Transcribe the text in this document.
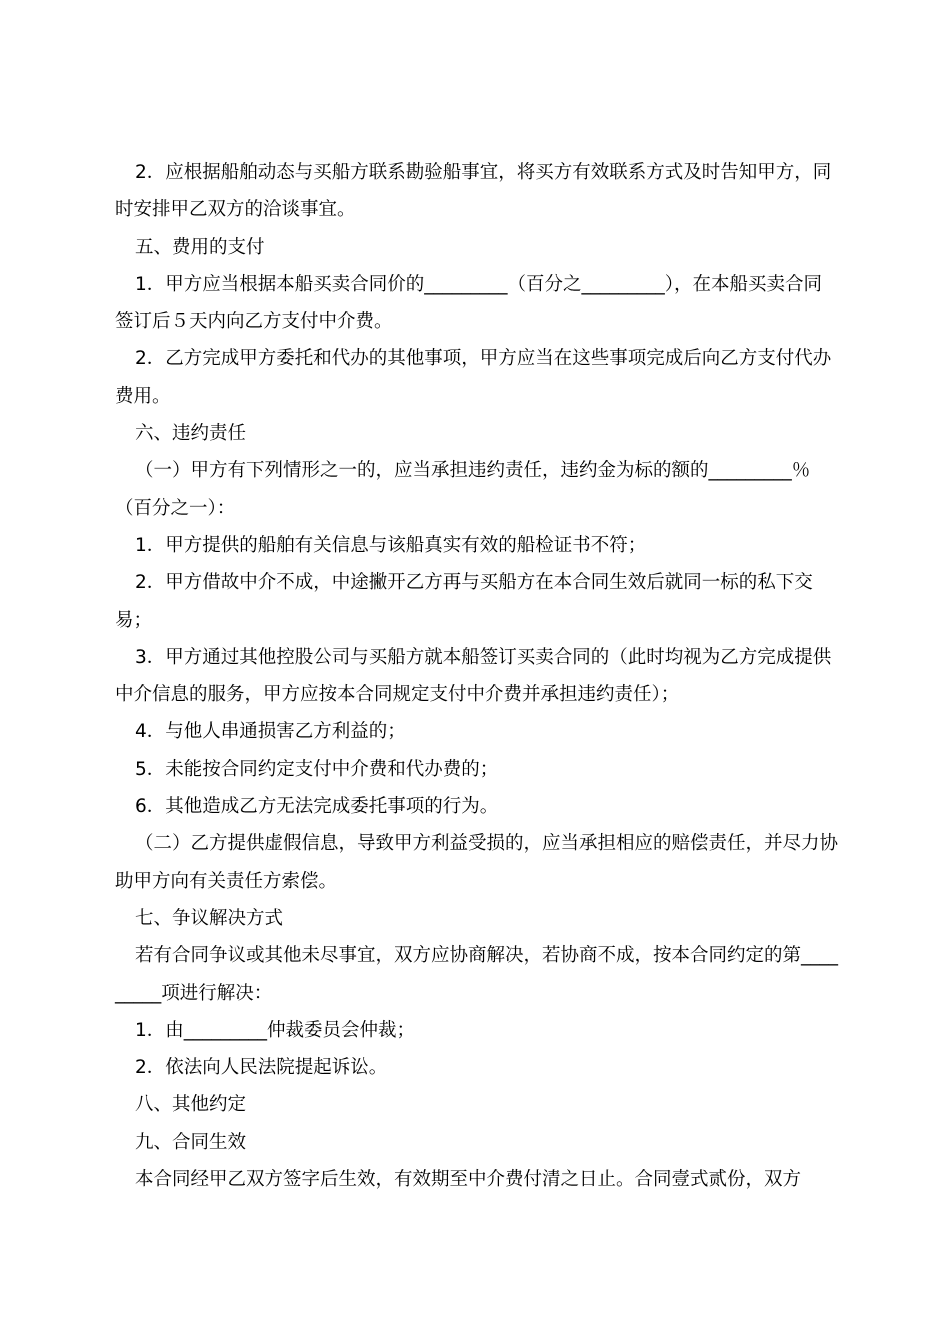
2．应根据船舶动态与买船方联系勘验船事宜，将买方有效联系方式及时告知甲方，同时安排甲乙双方的洽谈事宜。

五、费用的支付

1．甲方应当根据本船买卖合同价的_________（百分之_________），在本船买卖合同签订后５天内向乙方支付中介费。

2．乙方完成甲方委托和代办的其他事项，甲方应当在这些事项完成后向乙方支付代办费用。

六、违约责任

（一）甲方有下列情形之一的，应当承担违约责任，违约金为标的额的_________％（百分之一）：

1．甲方提供的船舶有关信息与该船真实有效的船检证书不符；

2．甲方借故中介不成，中途撇开乙方再与买船方在本合同生效后就同一标的私下交易；

3．甲方通过其他控股公司与买船方就本船签订买卖合同的（此时均视为乙方完成提供中介信息的服务，甲方应按本合同规定支付中介费并承担违约责任）；

4．与他人串通损害乙方利益的；

5．未能按合同约定支付中介费和代办费的；

6．其他造成乙方无法完成委托事项的行为。

（二）乙方提供虚假信息，导致甲方利益受损的，应当承担相应的赔偿责任，并尽力协助甲方向有关责任方索偿。

七、争议解决方式

若有合同争议或其他未尽事宜，双方应协商解决，若协商不成，按本合同约定的第_________项进行解决：

1．由_________仲裁委员会仲裁；

2．依法向人民法院提起诉讼。

八、其他约定

九、合同生效

本合同经甲乙双方签字后生效，有效期至中介费付清之日止。合同壹式贰份，双方
